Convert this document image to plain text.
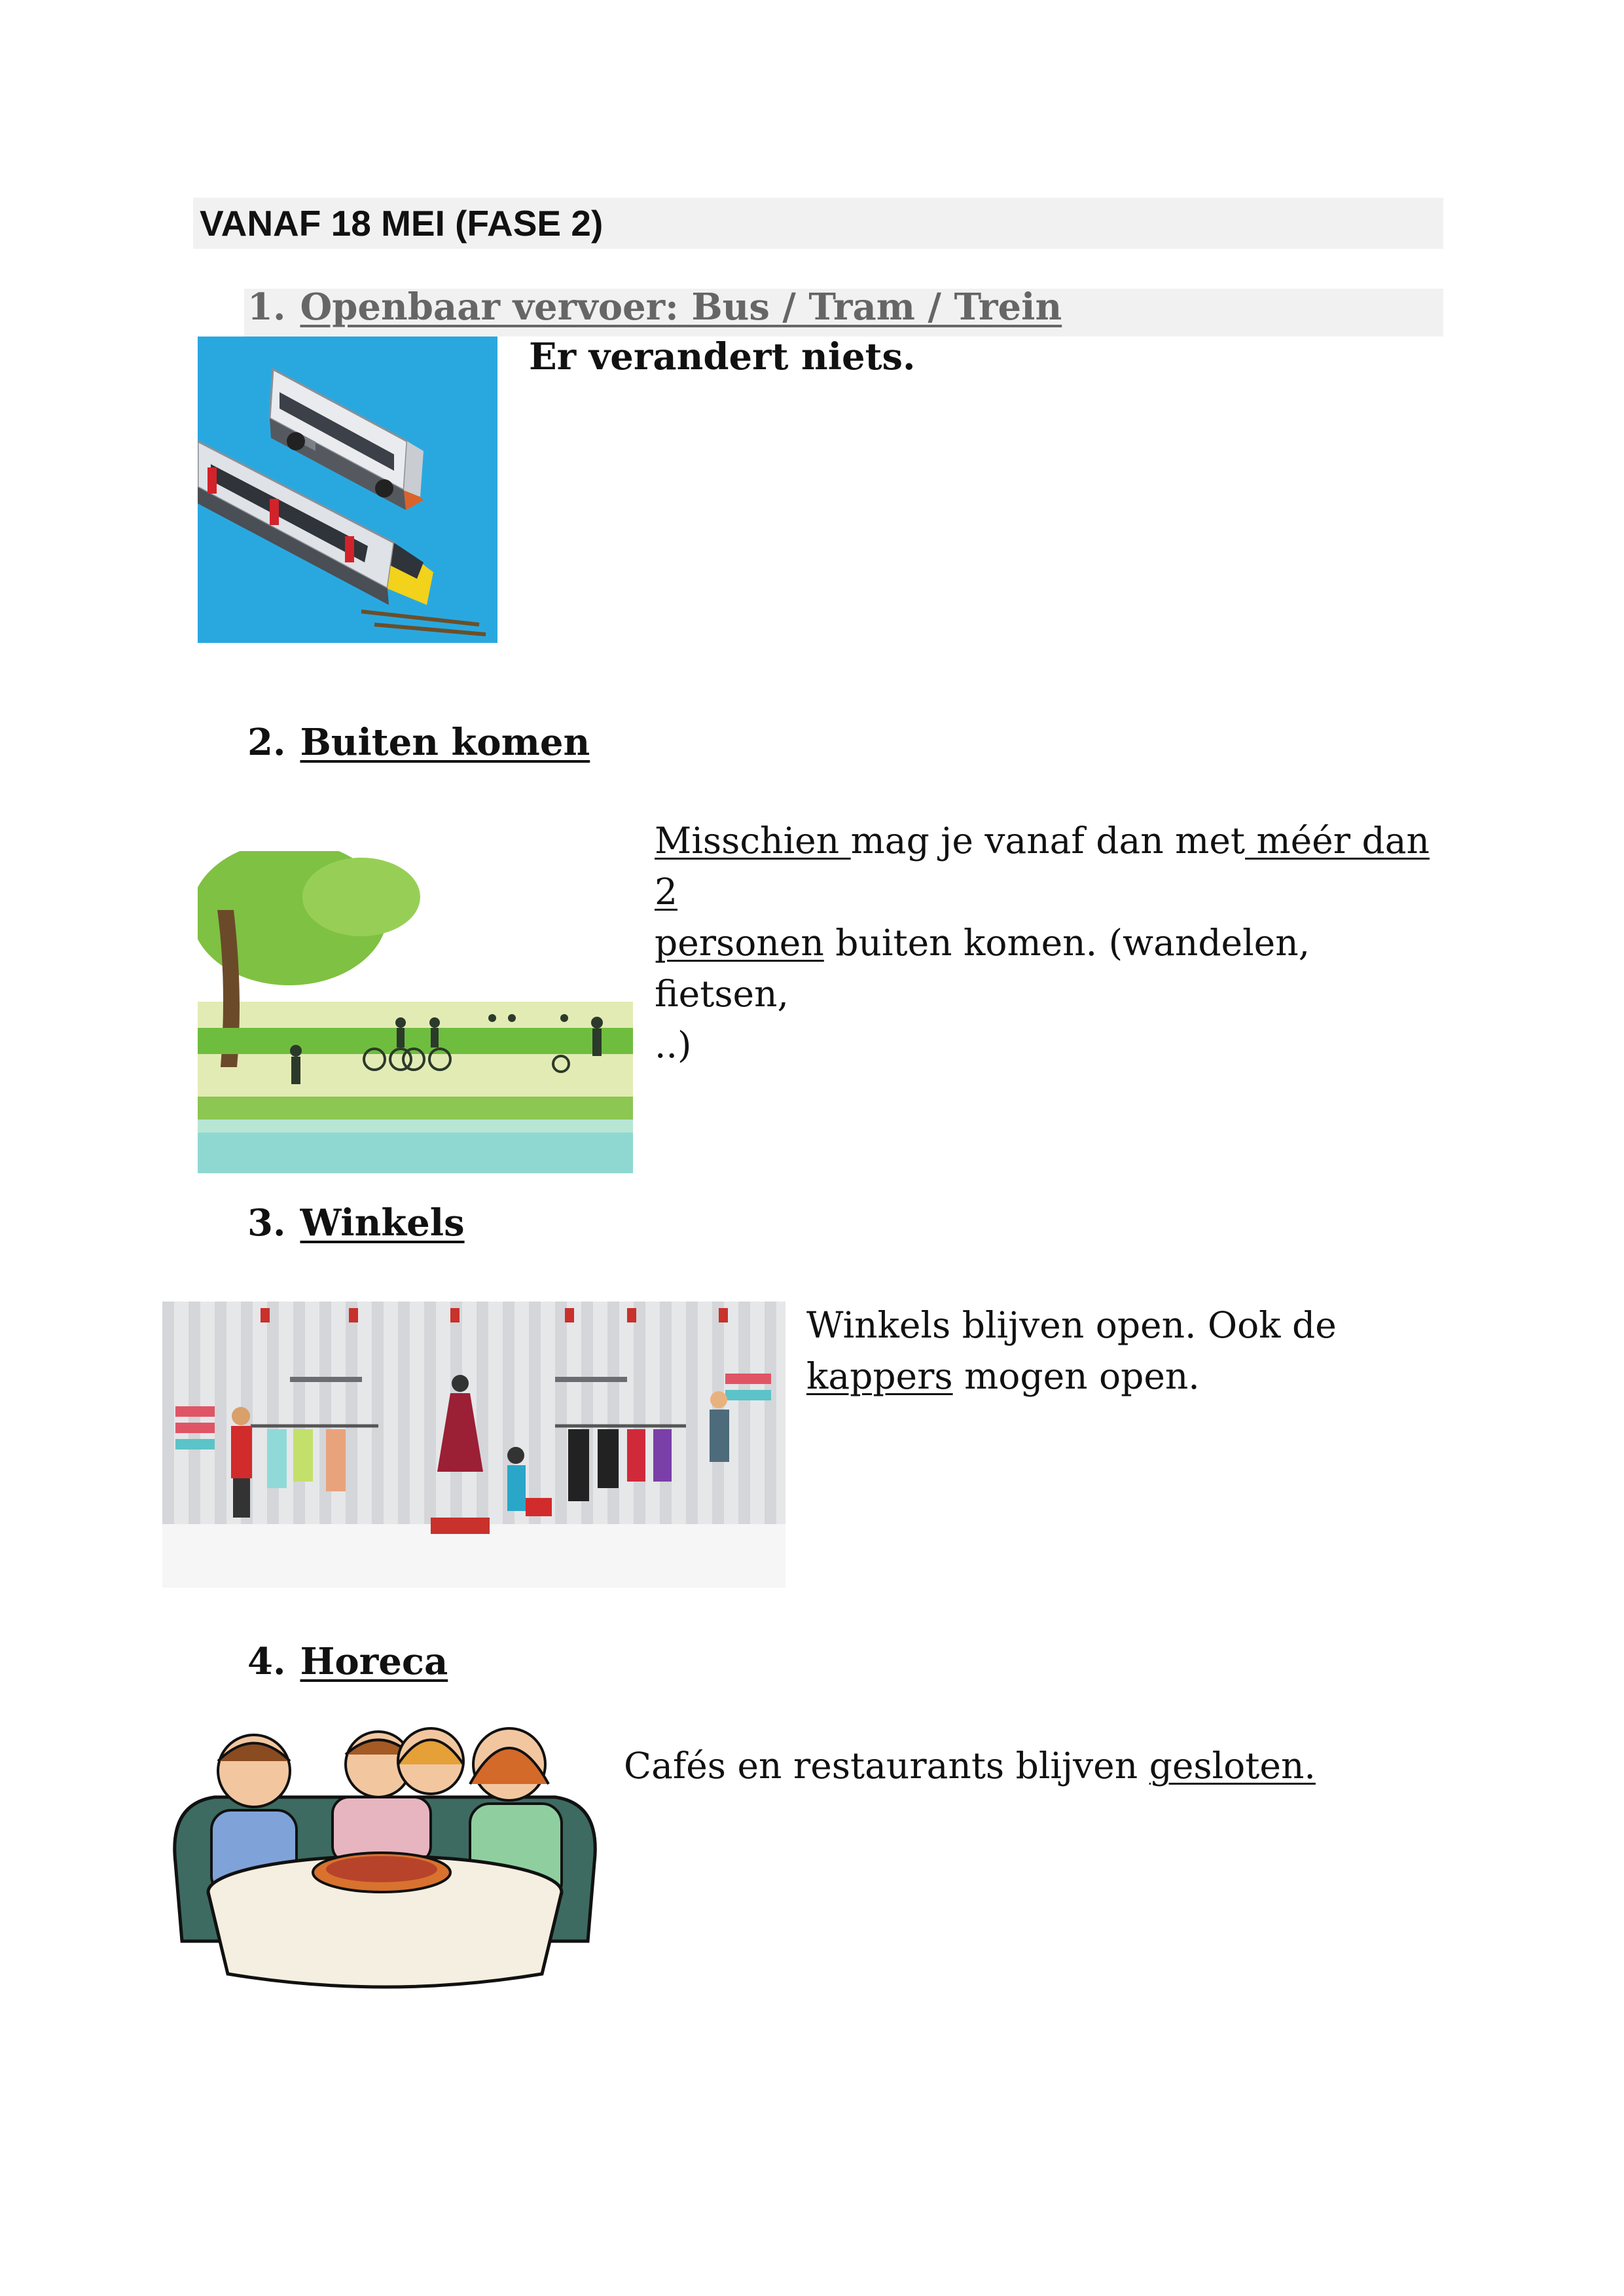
VANAF 18 MEI (FASE 2)
1. Openbaar vervoer: Bus / Tram / Trein
Er verandert niets.
2. Buiten komen
Misschien mag je vanaf dan met méér dan 2
personen buiten komen. (wandelen, fietsen,
..)
3. Winkels
Winkels blijven open. Ook de
kappers mogen open.
4. Horeca
Cafés en restaurants blijven gesloten.
